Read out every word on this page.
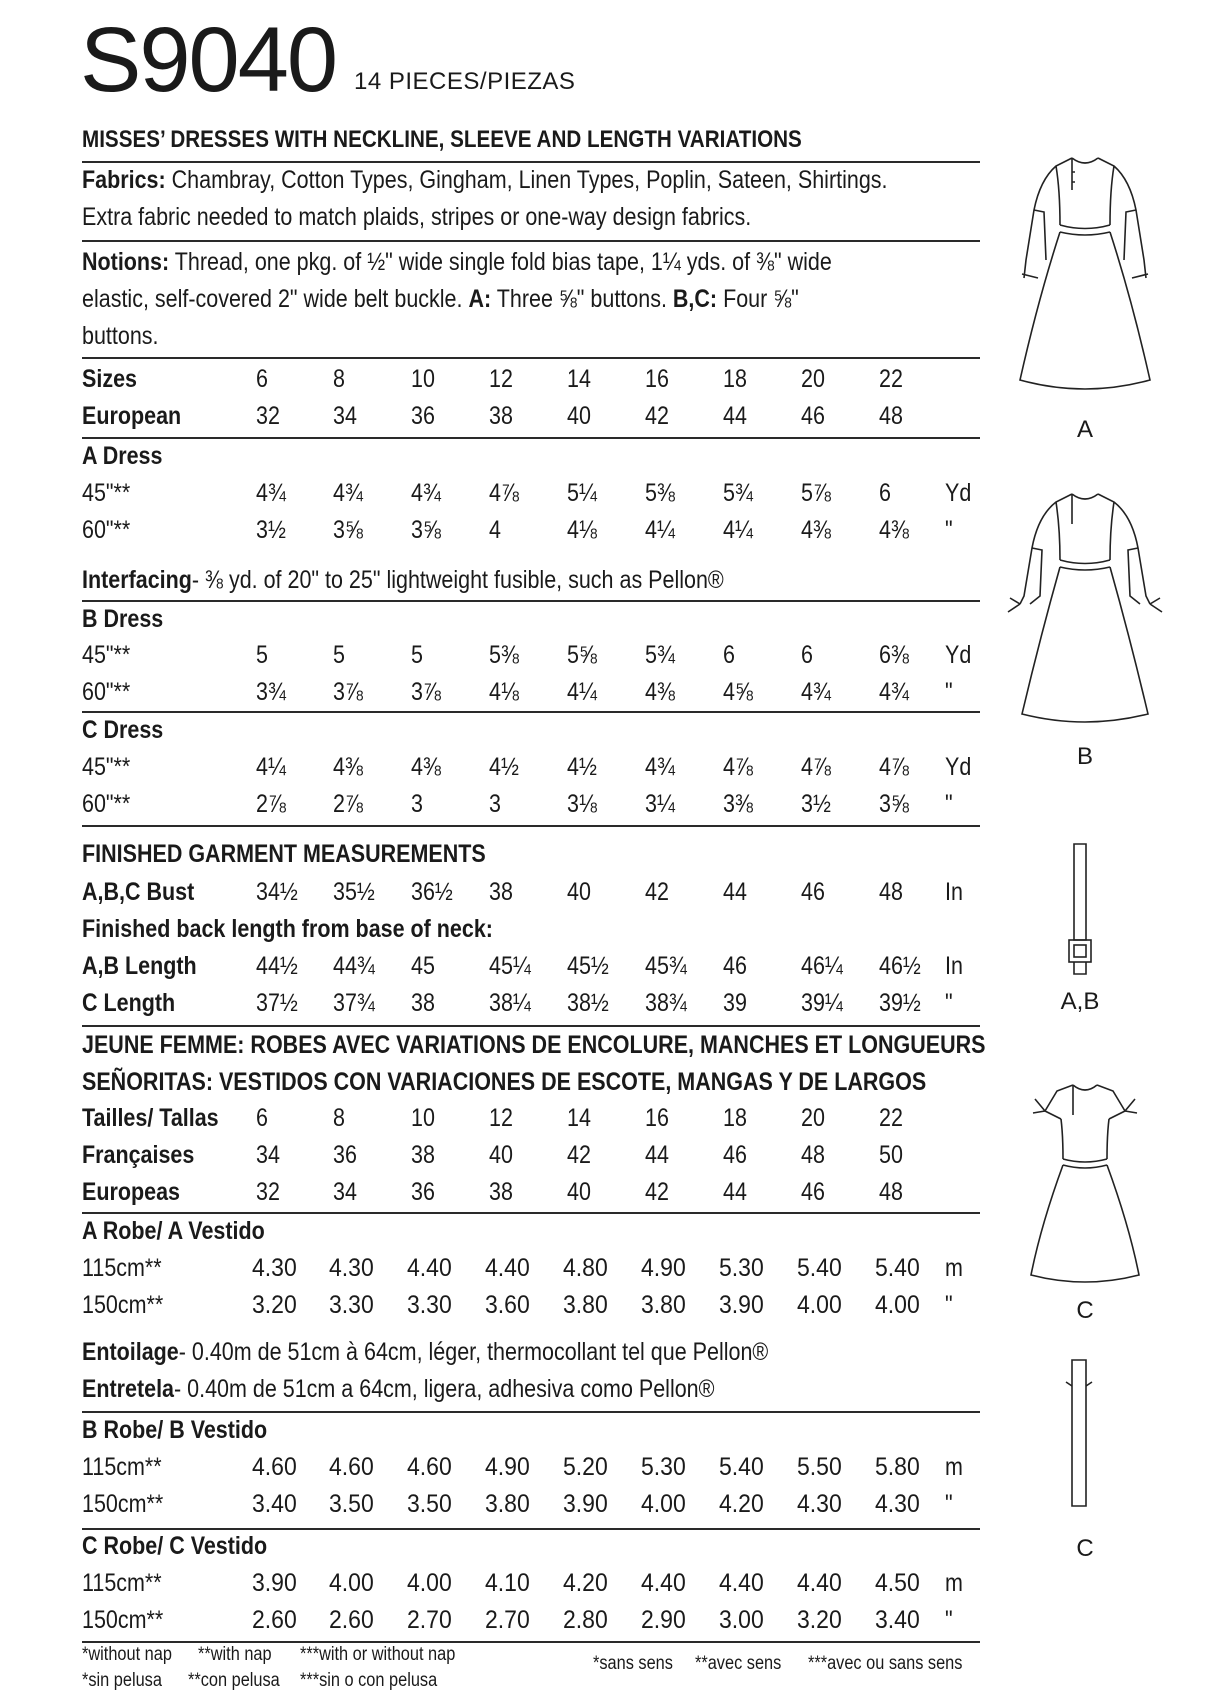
S9040 14 PIECES/PIEZAS
MISSES’ DRESSES WITH NECKLINE, SLEEVE AND LENGTH VARIATIONS
Fabrics: Chambray, Cotton Types, Gingham, Linen Types, Poplin, Sateen, Shirtings.
Extra fabric needed to match plaids, stripes or one-way design fabrics.
Notions: Thread, one pkg. of ½" wide single fold bias tape, 1¼ yds. of ⅜" wide
elastic, self-covered 2" wide belt buckle. A: Three ⅝" buttons. B,C: Four ⅝"
buttons.
Sizes	6	8	10 12 14 16 18 20 22
European	32 34 36 38 40 42 44 46 48
A Dress
45"**	4¾ 4¾ 4¾ 4⅞ 5¼ 5⅜ 5¾ 5⅞ 6 Yd
60"**	3½ 3⅝ 3⅝ 4	4⅛ 4¼ 4¼ 4⅜ 4⅜ "
B Dress
45"**	5	5	5	5⅜ 5⅝ 5¾ 6	6	6⅜ Yd
60"**	3¾ 3⅞ 3⅞ 4⅛ 4¼ 4⅜ 4⅝ 4¾ 4¾ "
C Dress
45"**	4¼ 4⅜ 4⅜ 4½ 4½ 4¾ 4⅞ 4⅞ 4⅞ Yd
60"**	2⅞ 2⅞ 3	3	3⅛ 3¼ 3⅜ 3½ 3⅝ "
A,B,C Bust 34½ 35½ 36½ 38 40 42 44 46 48 In
A,B Length 44½ 44¾ 45 45¼ 45½ 45¾ 46 46¼ 46½ In
C Length	37½ 37¾ 38 38¼ 38½ 38¾ 39 39¼ 39½ "
Tailles/ Tallas 6	8	10 12 14 16 18 20 22
Françaises 34 36 38 40 42 44 46 48 50
Europeas	32 34 36 38 40 42 44 46 48
A Robe/ A Vestido
115cm**	4.30 4.30 4.40 4.40 4.80 4.90 5.30 5.40 5.40 m
150cm**	3.20 3.30 3.30 3.60 3.80 3.80 3.90 4.00 4.00 "
B Robe/ B Vestido
115cm**	4.60 4.60 4.60 4.90 5.20 5.30 5.40 5.50 5.80 m
150cm**	3.40 3.50 3.50 3.80 3.90 4.00 4.20 4.30 4.30 "
C Robe/ C Vestido
115cm**	3.90 4.00 4.00 4.10 4.20 4.40 4.40 4.40 4.50 m
150cm**	2.60 2.60 2.70 2.70 2.80 2.90 3.00 3.20 3.40 "
Interfacing- ⅜ yd. of 20" to 25" lightweight fusible, such as Pellon®
FINISHED GARMENT MEASUREMENTS
Finished back length from base of neck:
JEUNE FEMME: ROBES AVEC VARIATIONS DE ENCOLURE, MANCHES ET LONGUEURS
SEÑORITAS: VESTIDOS CON VARIACIONES DE ESCOTE, MANGAS Y DE LARGOS
Entoilage- 0.40m de 51cm à 64cm, léger, thermocollant tel que Pellon®
Entretela- 0.40m de 51cm a 64cm, ligera, adhesiva como Pellon®
*without nap **with nap ***with or without nap
*sin pelusa **con pelusa ***sin o con pelusa
*sans sens **avec sens ***avec ou sans sens
A
B
A,B
C
C
